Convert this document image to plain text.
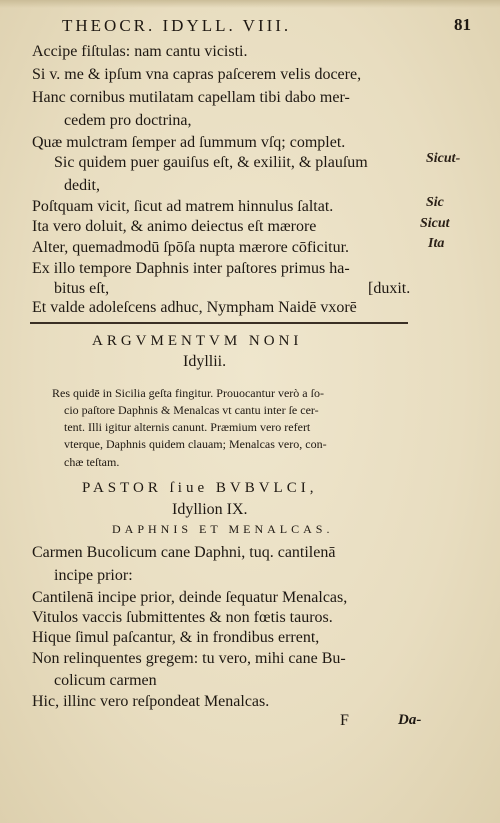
THEOCR. IDYLL. VIII.	81
Accipe fiſtulas: nam cantu vicisti.
Si v. me & ipſum vna capras paſcerem velis docere,
Hanc cornibus mutilatam capellam tibi dabo mer-
cedem pro doctrina,
Quæ mulctram ſemper ad ſummum vſq; complet.
Sic quidem puer gauiſus eſt, & exiliit, & plauſum
dedit,
Poſtquam vicit, ſicut ad matrem hinnulus ſaltat.
Ita vero doluit, & animo deiectus eſt mærore
Alter, quemadmodū ſpōſa nupta mærore cōficitur.
Ex illo tempore Daphnis inter paſtores primus ha-
bitus eſt,	[duxit.
Et valde adoleſcens adhuc, Nympham Naidē vxorē
Sicut-
Sic
Sicut
Ita
ARGVMENTVM NONI
Idyllii.
Res quidē in Sicilia geſta fingitur. Prouocantur verò a ſo-
cio paſtore Daphnis & Menalcas vt cantu inter ſe cer-
tent. Illi igitur alternis canunt. Præmium vero refert
vterque, Daphnis quidem clauam; Menalcas vero, con-
chæ teſtam.
PASTOR ſiue BVBVLCI,
Idyllion IX.
DAPHNIS ET MENALCAS.
Carmen Bucolicum cane Daphni, tuq. cantilenā
incipe prior:
Cantilenā incipe prior, deinde ſequatur Menalcas,
Vitulos vaccis ſubmittentes & non fœtis tauros.
Hique ſimul paſcantur, & in frondibus errent,
Non relinquentes gregem: tu vero, mihi cane Bu-
colicum carmen
Hic, illinc vero reſpondeat Menalcas.
F	Da-
